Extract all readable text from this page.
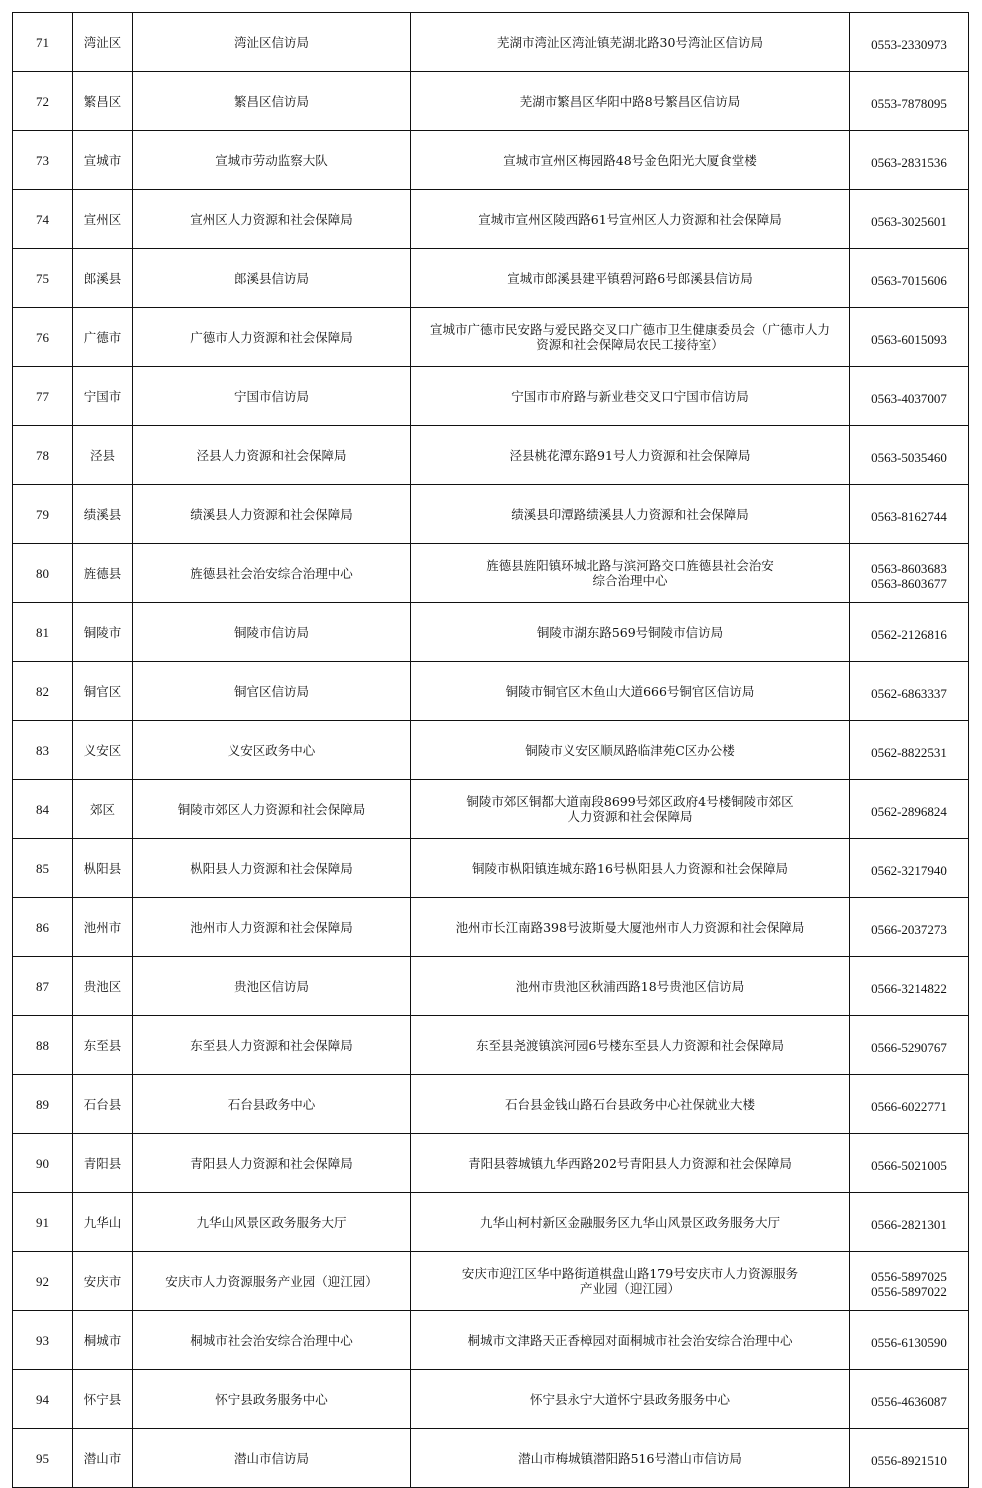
71	湾沚区	湾沚区信访局	芜湖市湾沚区湾沚镇芜湖北路30号湾沚区信访局	0553-2330973
72	繁昌区	繁昌区信访局	芜湖市繁昌区华阳中路8号繁昌区信访局	0553-7878095
73	宣城市	宣城市劳动监察大队	宣城市宣州区梅园路48号金色阳光大厦食堂楼	0563-2831536
74	宣州区	宣州区人力资源和社会保障局	宣城市宣州区陵西路61号宣州区人力资源和社会保障局	0563-3025601
75	郎溪县	郎溪县信访局	宣城市郎溪县建平镇碧河路6号郎溪县信访局	0563-7015606
76	广德市	广德市人力资源和社会保障局	宣城市广德市民安路与爱民路交叉口广德市卫生健康委员会（广德市人力
资源和社会保障局农民工接待室）	0563-6015093
77	宁国市	宁国市信访局	宁国市市府路与新业巷交叉口宁国市信访局	0563-4037007
78	泾县	泾县人力资源和社会保障局	泾县桃花潭东路91号人力资源和社会保障局	0563-5035460
79	绩溪县	绩溪县人力资源和社会保障局	绩溪县印潭路绩溪县人力资源和社会保障局	0563-8162744
80	旌德县	旌德县社会治安综合治理中心	旌德县旌阳镇环城北路与滨河路交口旌德县社会治安
综合治理中心	0563-8603683
0563-8603677
81	铜陵市	铜陵市信访局	铜陵市湖东路569号铜陵市信访局	0562-2126816
82	铜官区	铜官区信访局	铜陵市铜官区木鱼山大道666号铜官区信访局	0562-6863337
83	义安区	义安区政务中心	铜陵市义安区顺凤路临津苑C区办公楼	0562-8822531
84	郊区	铜陵市郊区人力资源和社会保障局	铜陵市郊区铜都大道南段8699号郊区政府4号楼铜陵市郊区
人力资源和社会保障局	0562-2896824
85	枞阳县	枞阳县人力资源和社会保障局	铜陵市枞阳镇连城东路16号枞阳县人力资源和社会保障局	0562-3217940
86	池州市	池州市人力资源和社会保障局	池州市长江南路398号波斯曼大厦池州市人力资源和社会保障局	0566-2037273
87	贵池区	贵池区信访局	池州市贵池区秋浦西路18号贵池区信访局	0566-3214822
88	东至县	东至县人力资源和社会保障局	东至县尧渡镇滨河园6号楼东至县人力资源和社会保障局	0566-5290767
89	石台县	石台县政务中心	石台县金钱山路石台县政务中心社保就业大楼	0566-6022771
90	青阳县	青阳县人力资源和社会保障局	青阳县蓉城镇九华西路202号青阳县人力资源和社会保障局	0566-5021005
91	九华山	九华山风景区政务服务大厅	九华山柯村新区金融服务区九华山风景区政务服务大厅	0566-2821301
92	安庆市	安庆市人力资源服务产业园（迎江园）	安庆市迎江区华中路街道棋盘山路179号安庆市人力资源服务
产业园（迎江园）	0556-5897025
0556-5897022
93	桐城市	桐城市社会治安综合治理中心	桐城市文津路天正香樟园对面桐城市社会治安综合治理中心	0556-6130590
94	怀宁县	怀宁县政务服务中心	怀宁县永宁大道怀宁县政务服务中心	0556-4636087
95	潜山市	潜山市信访局	潜山市梅城镇潜阳路516号潜山市信访局	0556-8921510
